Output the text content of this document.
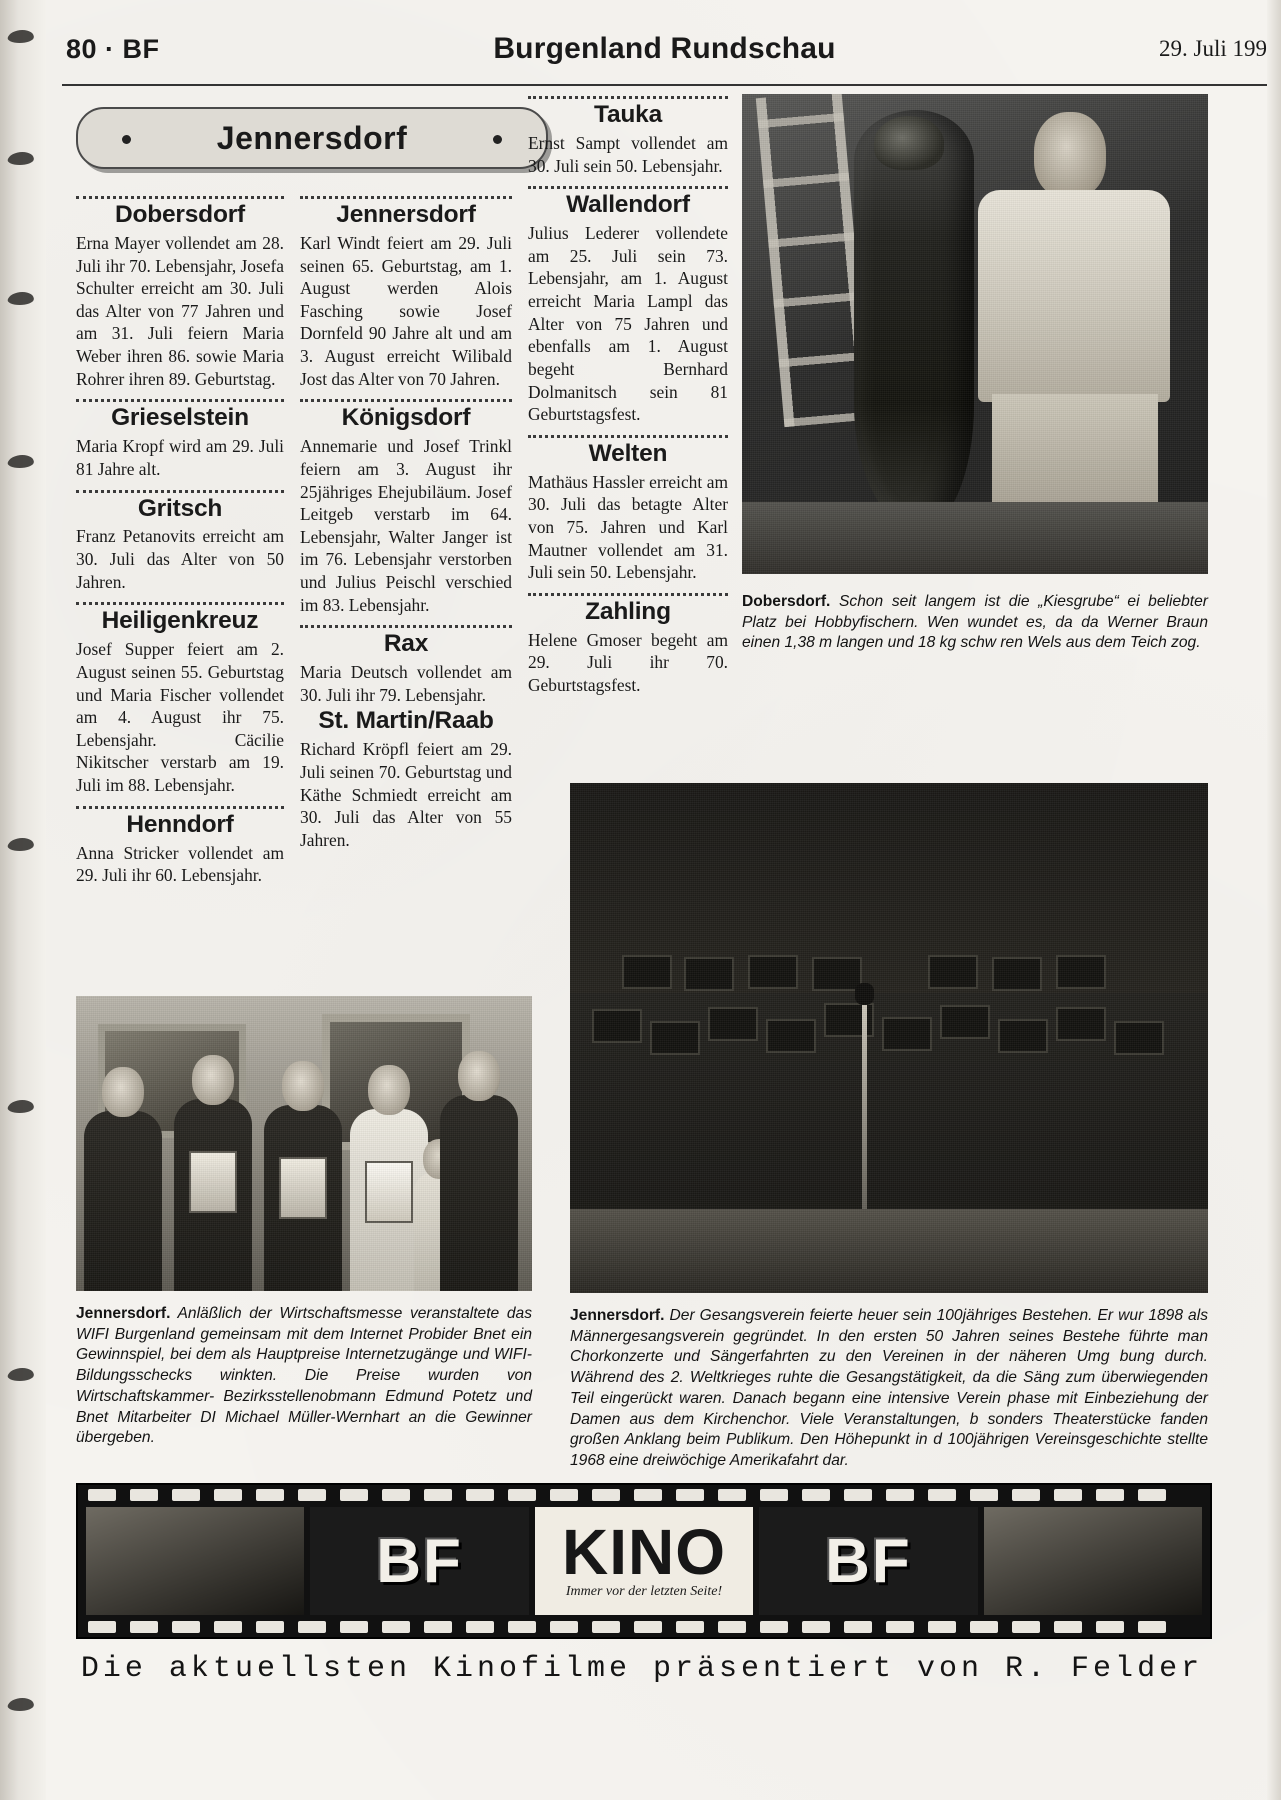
80 · BF	Burgenland Rundschau	29. Juli 199
Jennersdorf
Dobersdorf

Erna Mayer vollendet am 28. Juli ihr 70. Lebensjahr, Josefa Schulter erreicht am 30. Juli das Alter von 77 Jahren und am 31. Juli feiern Maria Weber ihren 86. sowie Maria Rohrer ihren 89. Geburtstag.

Grieselstein

Maria Kropf wird am 29. Juli 81 Jahre alt.

Gritsch

Franz Petanovits erreicht am 30. Juli das Alter von 50 Jahren.

Heiligenkreuz

Josef Supper feiert am 2. August seinen 55. Geburtstag und Maria Fischer vollendet am 4. August ihr 75. Lebensjahr. Cäcilie Nikitscher verstarb am 19. Juli im 88. Lebensjahr.

Henndorf

Anna Stricker vollendet am 29. Juli ihr 60. Lebensjahr.

Jennersdorf

Karl Windt feiert am 29. Juli seinen 65. Geburtstag, am 1. August werden Alois Fasching sowie Josef Dornfeld 90 Jahre alt und am 3. August erreicht Wilibald Jost das Alter von 70 Jahren.

Königsdorf

Annemarie und Josef Trinkl feiern am 3. August ihr 25jähriges Ehejubiläum. Josef Leitgeb verstarb im 64. Lebensjahr, Walter Janger ist im 76. Lebensjahr verstorben und Julius Peischl verschied im 83. Lebensjahr.

Rax

Maria Deutsch vollendet am 30. Juli ihr 79. Lebensjahr.

St. Martin/Raab

Richard Kröpfl feiert am 29. Juli seinen 70. Geburtstag und Käthe Schmiedt erreicht am 30. Juli das Alter von 55 Jahren.

Tauka

Ernst Sampt vollendet am 30. Juli sein 50. Lebensjahr.

Wallendorf

Julius Lederer vollendete am 25. Juli sein 73. Lebensjahr, am 1. August erreicht Maria Lampl das Alter von 75 Jahren und ebenfalls am 1. August begeht Bernhard Dolmanitsch sein 81 Geburtstagsfest.

Welten

Mathäus Hassler erreicht am 30. Juli das betagte Alter von 75. Jahren und Karl Mautner vollendet am 31. Juli sein 50. Lebensjahr.

Zahling

Helene Gmoser begeht am 29. Juli ihr 70. Geburtstagsfest.

Dobersdorf. Schon seit langem ist die „Kiesgrube“ ei beliebter Platz bei Hobbyfischern. Wen wundet es, da da Werner Braun einen 1,38 m langen und 18 kg schw ren Wels aus dem Teich zog.
Jennersdorf. Anläßlich der Wirtschaftsmesse veranstaltete das WIFI Burgenland gemeinsam mit dem Internet Probider Bnet ein Gewinnspiel, bei dem als Hauptpreise Internetzugänge und WIFI-Bildungsschecks winkten. Die Preise wurden von Wirtschaftskammer- Bezirksstellenobmann Edmund Potetz und Bnet Mitarbeiter DI Michael Müller-Wernhart an die Gewinner übergeben.
Jennersdorf. Der Gesangsverein feierte heuer sein 100jähriges Bestehen. Er wur 1898 als Männergesangsverein gegründet. In den ersten 50 Jahren seines Bestehe führte man Chorkonzerte und Sängerfahrten zu den Vereinen in der näheren Umg bung durch. Während des 2. Weltkrieges ruhte die Gesangstätigkeit, da die Säng zum überwiegenden Teil eingerückt waren. Danach begann eine intensive Verein phase mit Einbeziehung der Damen aus dem Kirchenchor. Viele Veranstaltungen, b sonders Theaterstücke fanden großen Anklang beim Publikum. Den Höhepunkt in d 100jährigen Vereinsgeschichte stellte 1968 eine dreiwöchige Amerikafahrt dar.
BF	KINO
Immer vor der letzten Seite!	BF
Die aktuellsten Kinofilme präsentiert von R. Felder
